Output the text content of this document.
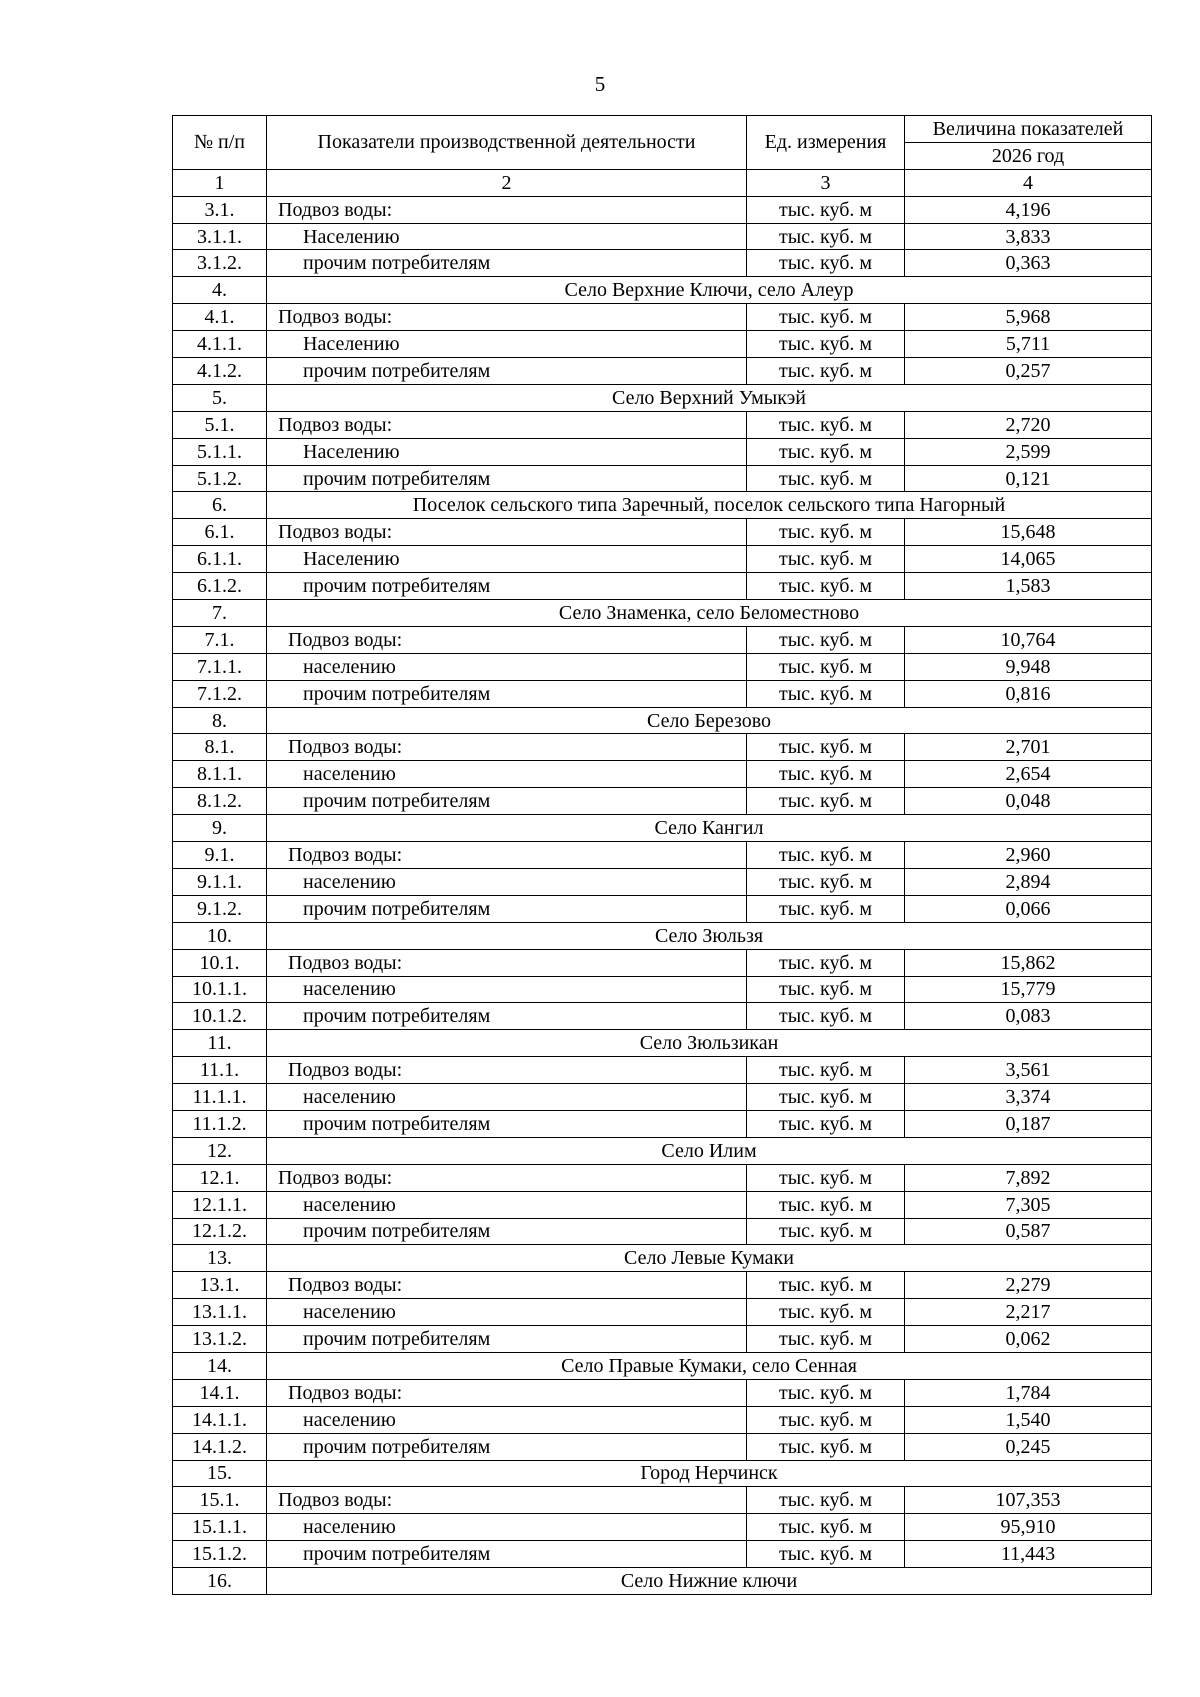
5
№ п/п	Показатели производственной деятельности	Ед. измерения	Величина показателей
			2026 год
1	2	3	4
3.1.	Подвоз воды:	тыс. куб. м	4,196
3.1.1.	Населению	тыс. куб. м	3,833
3.1.2.	прочим потребителям	тыс. куб. м	0,363
4.	Село Верхние Ключи, село Алеур		
4.1.	Подвоз воды:	тыс. куб. м	5,968
4.1.1.	Населению	тыс. куб. м	5,711
4.1.2.	прочим потребителям	тыс. куб. м	0,257
5.	Село Верхний Умыкэй		
5.1.	Подвоз воды:	тыс. куб. м	2,720
5.1.1.	Населению	тыс. куб. м	2,599
5.1.2.	прочим потребителям	тыс. куб. м	0,121
6.	Поселок сельского типа Заречный, поселок сельского типа Нагорный		
6.1.	Подвоз воды:	тыс. куб. м	15,648
6.1.1.	Населению	тыс. куб. м	14,065
6.1.2.	прочим потребителям	тыс. куб. м	1,583
7.	Село Знаменка, село Беломестново		
7.1.	Подвоз воды:	тыс. куб. м	10,764
7.1.1.	населению	тыс. куб. м	9,948
7.1.2.	прочим потребителям	тыс. куб. м	0,816
8.	Село Березово		
8.1.	Подвоз воды:	тыс. куб. м	2,701
8.1.1.	населению	тыс. куб. м	2,654
8.1.2.	прочим потребителям	тыс. куб. м	0,048
9.	Село Кангил		
9.1.	Подвоз воды:	тыс. куб. м	2,960
9.1.1.	населению	тыс. куб. м	2,894
9.1.2.	прочим потребителям	тыс. куб. м	0,066
10.	Село Зюльзя		
10.1.	Подвоз воды:	тыс. куб. м	15,862
10.1.1.	населению	тыс. куб. м	15,779
10.1.2.	прочим потребителям	тыс. куб. м	0,083
11.	Село Зюльзикан		
11.1.	Подвоз воды:	тыс. куб. м	3,561
11.1.1.	населению	тыс. куб. м	3,374
11.1.2.	прочим потребителям	тыс. куб. м	0,187
12.	Село Илим		
12.1.	Подвоз воды:	тыс. куб. м	7,892
12.1.1.	населению	тыс. куб. м	7,305
12.1.2.	прочим потребителям	тыс. куб. м	0,587
13.	Село Левые Кумаки		
13.1.	Подвоз воды:	тыс. куб. м	2,279
13.1.1.	населению	тыс. куб. м	2,217
13.1.2.	прочим потребителям	тыс. куб. м	0,062
14.	Село Правые Кумаки, село Сенная		
14.1.	Подвоз воды:	тыс. куб. м	1,784
14.1.1.	населению	тыс. куб. м	1,540
14.1.2.	прочим потребителям	тыс. куб. м	0,245
15.	Город Нерчинск		
15.1.	Подвоз воды:	тыс. куб. м	107,353
15.1.1.	населению	тыс. куб. м	95,910
15.1.2.	прочим потребителям	тыс. куб. м	11,443
16.	Село Нижние ключи		
